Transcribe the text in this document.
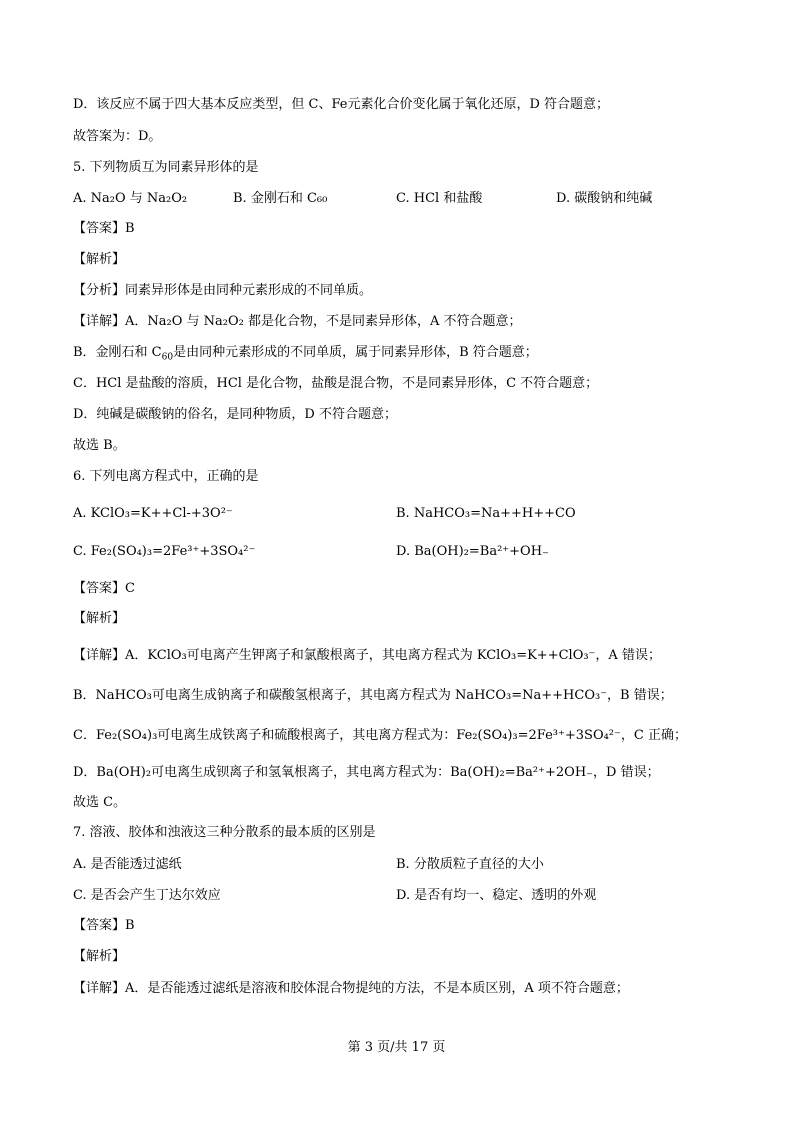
D．该反应不属于四大基本反应类型，但 C、Fe元素化合价变化属于氧化还原，D 符合题意；
故答案为：D。
5. 下列物质互为同素异形体的是
A. Na₂O 与 Na₂O₂	B. 金刚石和 C₆₀	C. HCl 和盐酸	D. 碳酸钠和纯碱
【答案】B
【解析】
【分析】同素异形体是由同种元素形成的不同单质。
【详解】A．Na₂O 与 Na₂O₂ 都是化合物，不是同素异形体，A 不符合题意；
B．金刚石和 $C_{60}$是由同种元素形成的不同单质，属于同素异形体，B 符合题意；
C．HCl 是盐酸的溶质，HCl 是化合物，盐酸是混合物，不是同素异形体，C 不符合题意；
D．纯碱是碳酸钠的俗名，是同种物质，D 不符合题意；
故选 B。
6. 下列电离方程式中，正确的是
A. KClO₃=K++Cl-+3O²⁻	B. NaHCO₃=Na++H++CO
C. Fe₂(SO₄)₃=2Fe³⁺+3SO₄²⁻	D. Ba(OH)₂=Ba²⁺+OH₋
【答案】C
【解析】
【详解】A．KClO₃可电离产生钾离子和氯酸根离子，其电离方程式为 KClO₃=K++ClO₃⁻，A 错误；
B．NaHCO₃可电离生成钠离子和碳酸氢根离子，其电离方程式为 NaHCO₃=Na++HCO₃⁻，B 错误；
C．Fe₂(SO₄)₃可电离生成铁离子和硫酸根离子，其电离方程式为：Fe₂(SO₄)₃=2Fe³⁺+3SO₄²⁻，C 正确；
D．Ba(OH)₂可电离生成钡离子和氢氧根离子，其电离方程式为：Ba(OH)₂=Ba²⁺+2OH₋，D 错误；
故选 C。
7. 溶液、胶体和浊液这三种分散系的最本质的区别是
A. 是否能透过滤纸	B. 分散质粒子直径的大小
C. 是否会产生丁达尔效应	D. 是否有均一、稳定、透明的外观
【答案】B
【解析】
【详解】A．是否能透过滤纸是溶液和胶体混合物提纯的方法，不是本质区别，A 项不符合题意；
第 3 页/共 17 页
